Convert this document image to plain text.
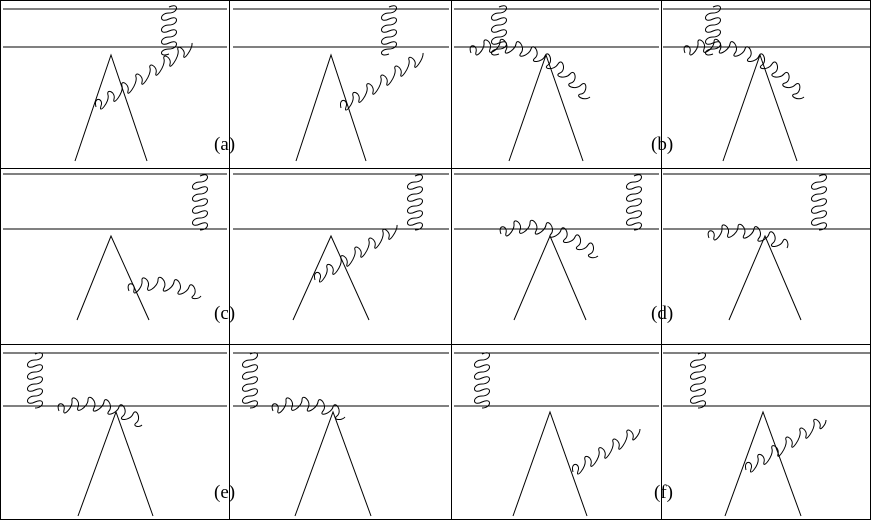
(a)	(b)
(c)	(d)
(e)	(f)
